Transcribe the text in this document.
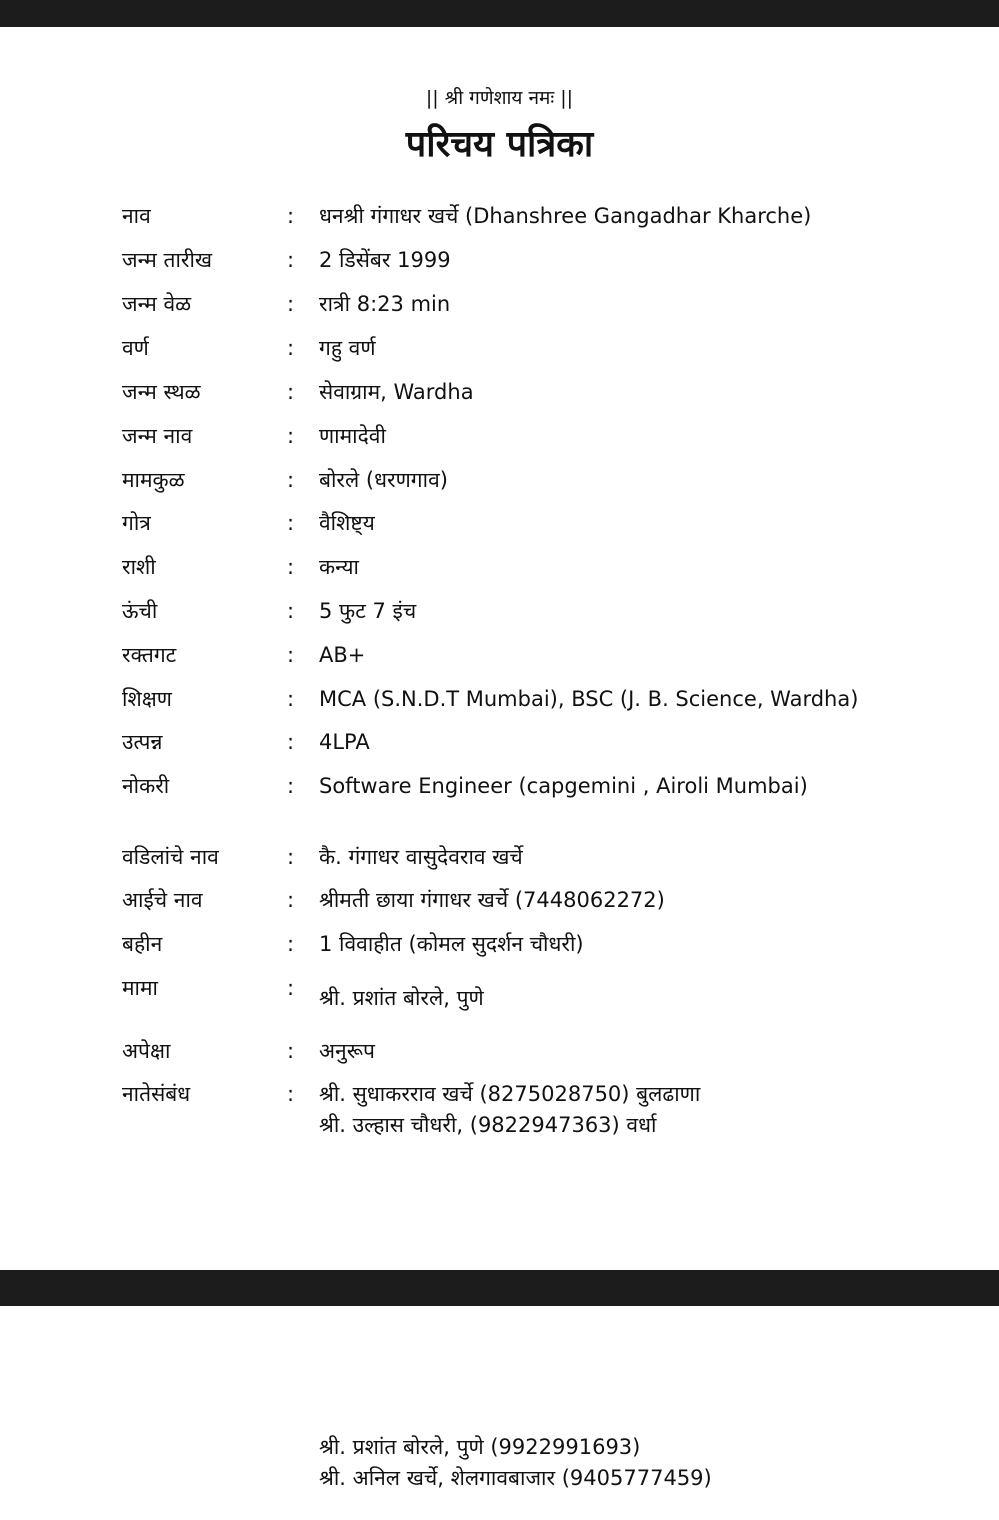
|| श्री गणेशाय नमः ||
परिचय पत्रिका
नाव	: धनश्री गंगाधर खर्चे (Dhanshree Gangadhar Kharche)
जन्म तारीख	: 2 डिसेंबर 1999
जन्म वेळ	: रात्री 8:23 min
वर्ण	: गहु वर्ण
जन्म स्थळ	: सेवाग्राम, Wardha
जन्म नाव	: णामादेवी
मामकुळ	: बोरले (धरणगाव)
गोत्र	: वैशिष्ट्य
राशी	: कन्या
ऊंची	: 5 फुट 7 इंच
रक्तगट	: AB+
शिक्षण	: MCA (S.N.D.T Mumbai), BSC (J. B. Science, Wardha)
उत्पन्न	: 4LPA
नोकरी	: Software Engineer (capgemini , Airoli Mumbai)
वडिलांचे नाव	: कै. गंगाधर वासुदेवराव खर्चे
आईचे नाव	: श्रीमती छाया गंगाधर खर्चे (7448062272)
बहीन	: 1 विवाहीत (कोमल सुदर्शन चौधरी)
मामा	: श्री. प्रशांत बोरले, पुणे
अपेक्षा	: अनुरूप
नातेसंबंध	: श्री. सुधाकरराव खर्चे (8275028750) बुलढाणा
श्री. उल्हास चौधरी, (9822947363) वर्धा
श्री. प्रशांत बोरले, पुणे (9922991693)
श्री. अनिल खर्चे, शेलगावबाजार (9405777459)
